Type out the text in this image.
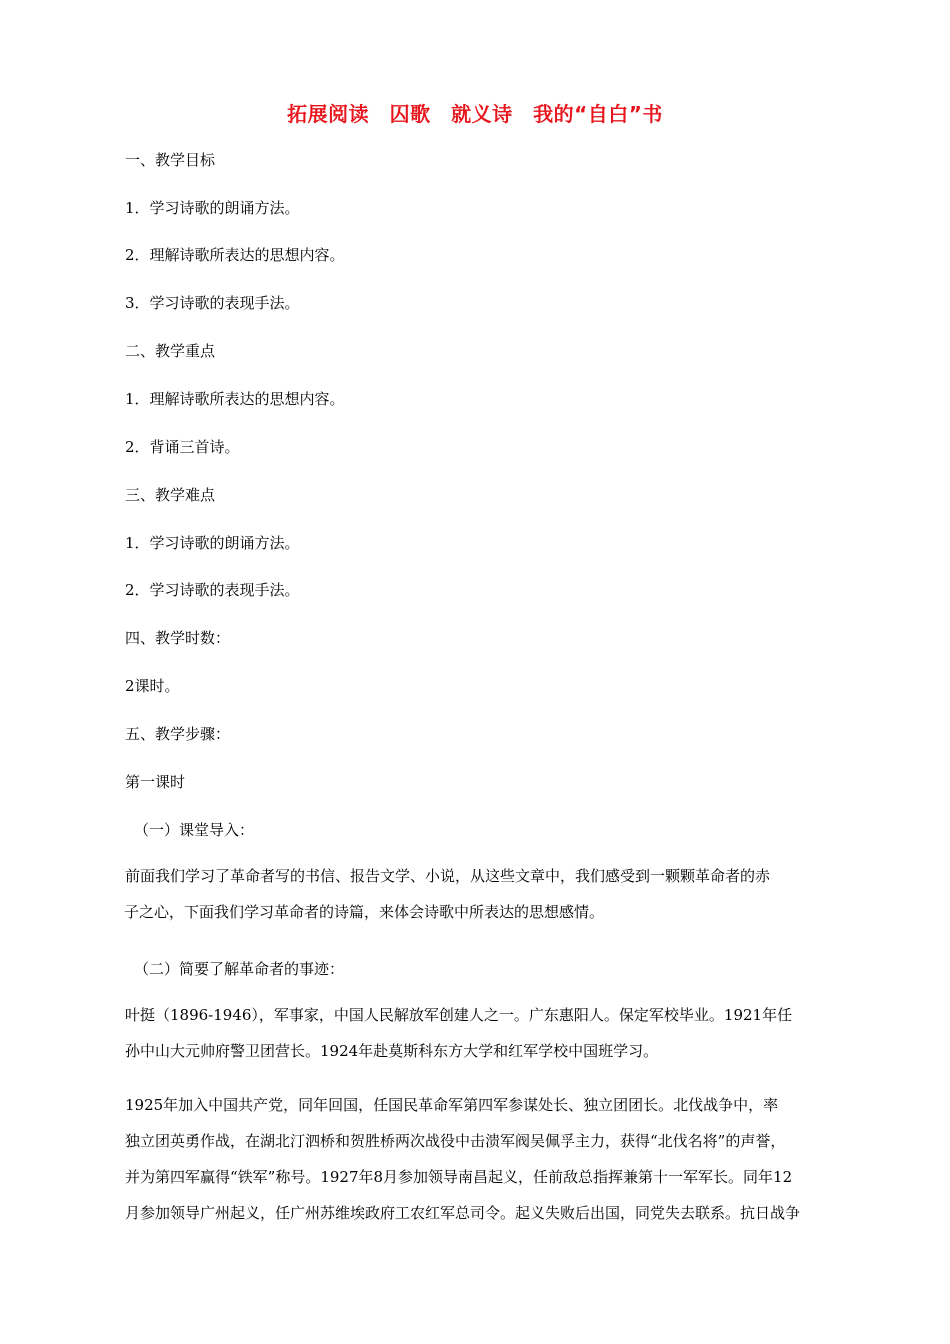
拓展阅读　囚歌　就义诗　我的“自白”书
一、教学目标
1．学习诗歌的朗诵方法。
2．理解诗歌所表达的思想内容。
3．学习诗歌的表现手法。
二、教学重点
1．理解诗歌所表达的思想内容。
2．背诵三首诗。
三、教学难点
1．学习诗歌的朗诵方法。
2．学习诗歌的表现手法。
四、教学时数：
2课时。
五、教学步骤：
第一课时
（一）课堂导入：
前面我们学习了革命者写的书信、报告文学、小说，从这些文章中，我们感受到一颗颗革命者的赤
子之心，下面我们学习革命者的诗篇，来体会诗歌中所表达的思想感情。
（二）简要了解革命者的事迹：
叶挺（1896-1946），军事家，中国人民解放军创建人之一。广东惠阳人。保定军校毕业。1921年任
孙中山大元帅府警卫团营长。1924年赴莫斯科东方大学和红军学校中国班学习。
1925年加入中国共产党，同年回国，任国民革命军第四军参谋处长、独立团团长。北伐战争中，率
独立团英勇作战，在湖北汀泗桥和贺胜桥两次战役中击溃军阀吴佩孚主力，获得“北伐名将”的声誉，
并为第四军赢得“铁军”称号。1927年8月参加领导南昌起义，任前敌总指挥兼第十一军军长。同年12
月参加领导广州起义，任广州苏维埃政府工农红军总司令。起义失败后出国，同党失去联系。抗日战争
